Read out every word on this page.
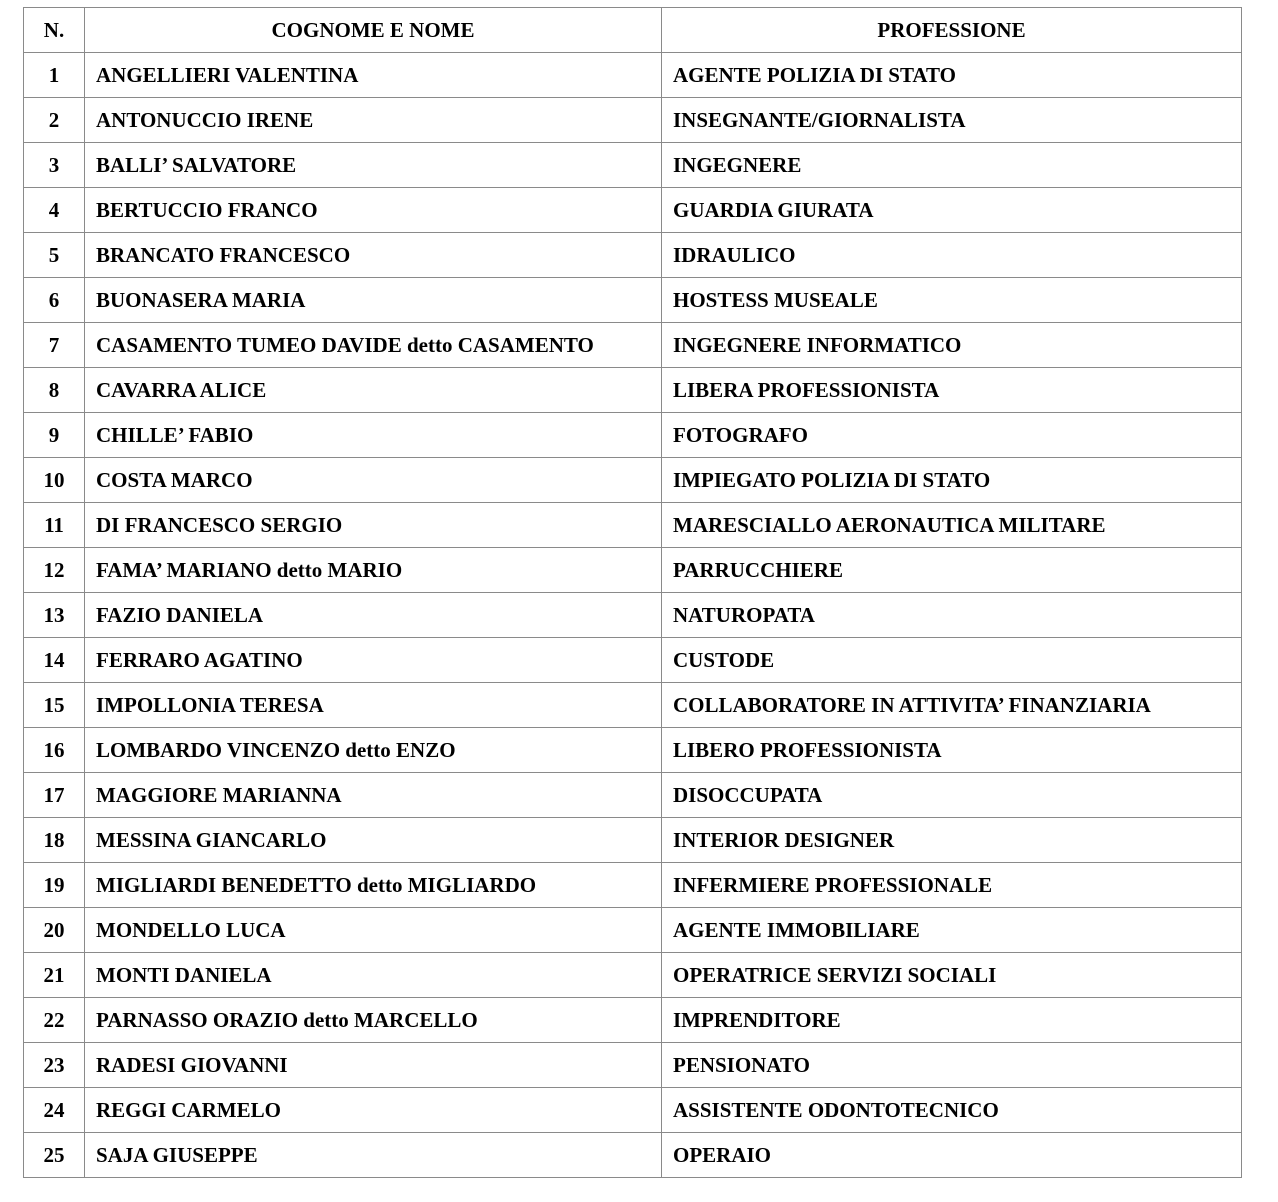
N.	COGNOME E NOME	PROFESSIONE
1	ANGELLIERI VALENTINA	AGENTE POLIZIA DI STATO
2	ANTONUCCIO IRENE	INSEGNANTE/GIORNALISTA
3	BALLI’ SALVATORE	INGEGNERE
4	BERTUCCIO FRANCO	GUARDIA GIURATA
5	BRANCATO FRANCESCO	IDRAULICO
6	BUONASERA MARIA	HOSTESS MUSEALE
7	CASAMENTO TUMEO DAVIDE detto CASAMENTO	INGEGNERE INFORMATICO
8	CAVARRA ALICE	LIBERA PROFESSIONISTA
9	CHILLE’ FABIO	FOTOGRAFO
10	COSTA MARCO	IMPIEGATO POLIZIA DI STATO
11	DI FRANCESCO SERGIO	MARESCIALLO AERONAUTICA MILITARE
12	FAMA’ MARIANO detto MARIO	PARRUCCHIERE
13	FAZIO DANIELA	NATUROPATA
14	FERRARO AGATINO	CUSTODE
15	IMPOLLONIA TERESA	COLLABORATORE IN ATTIVITA’ FINANZIARIA
16	LOMBARDO VINCENZO detto ENZO	LIBERO PROFESSIONISTA
17	MAGGIORE MARIANNA	DISOCCUPATA
18	MESSINA GIANCARLO	INTERIOR DESIGNER
19	MIGLIARDI BENEDETTO detto MIGLIARDO	INFERMIERE PROFESSIONALE
20	MONDELLO LUCA	AGENTE IMMOBILIARE
21	MONTI DANIELA	OPERATRICE SERVIZI SOCIALI
22	PARNASSO ORAZIO detto MARCELLO	IMPRENDITORE
23	RADESI GIOVANNI	PENSIONATO
24	REGGI CARMELO	ASSISTENTE ODONTOTECNICO
25	SAJA GIUSEPPE	OPERAIO
